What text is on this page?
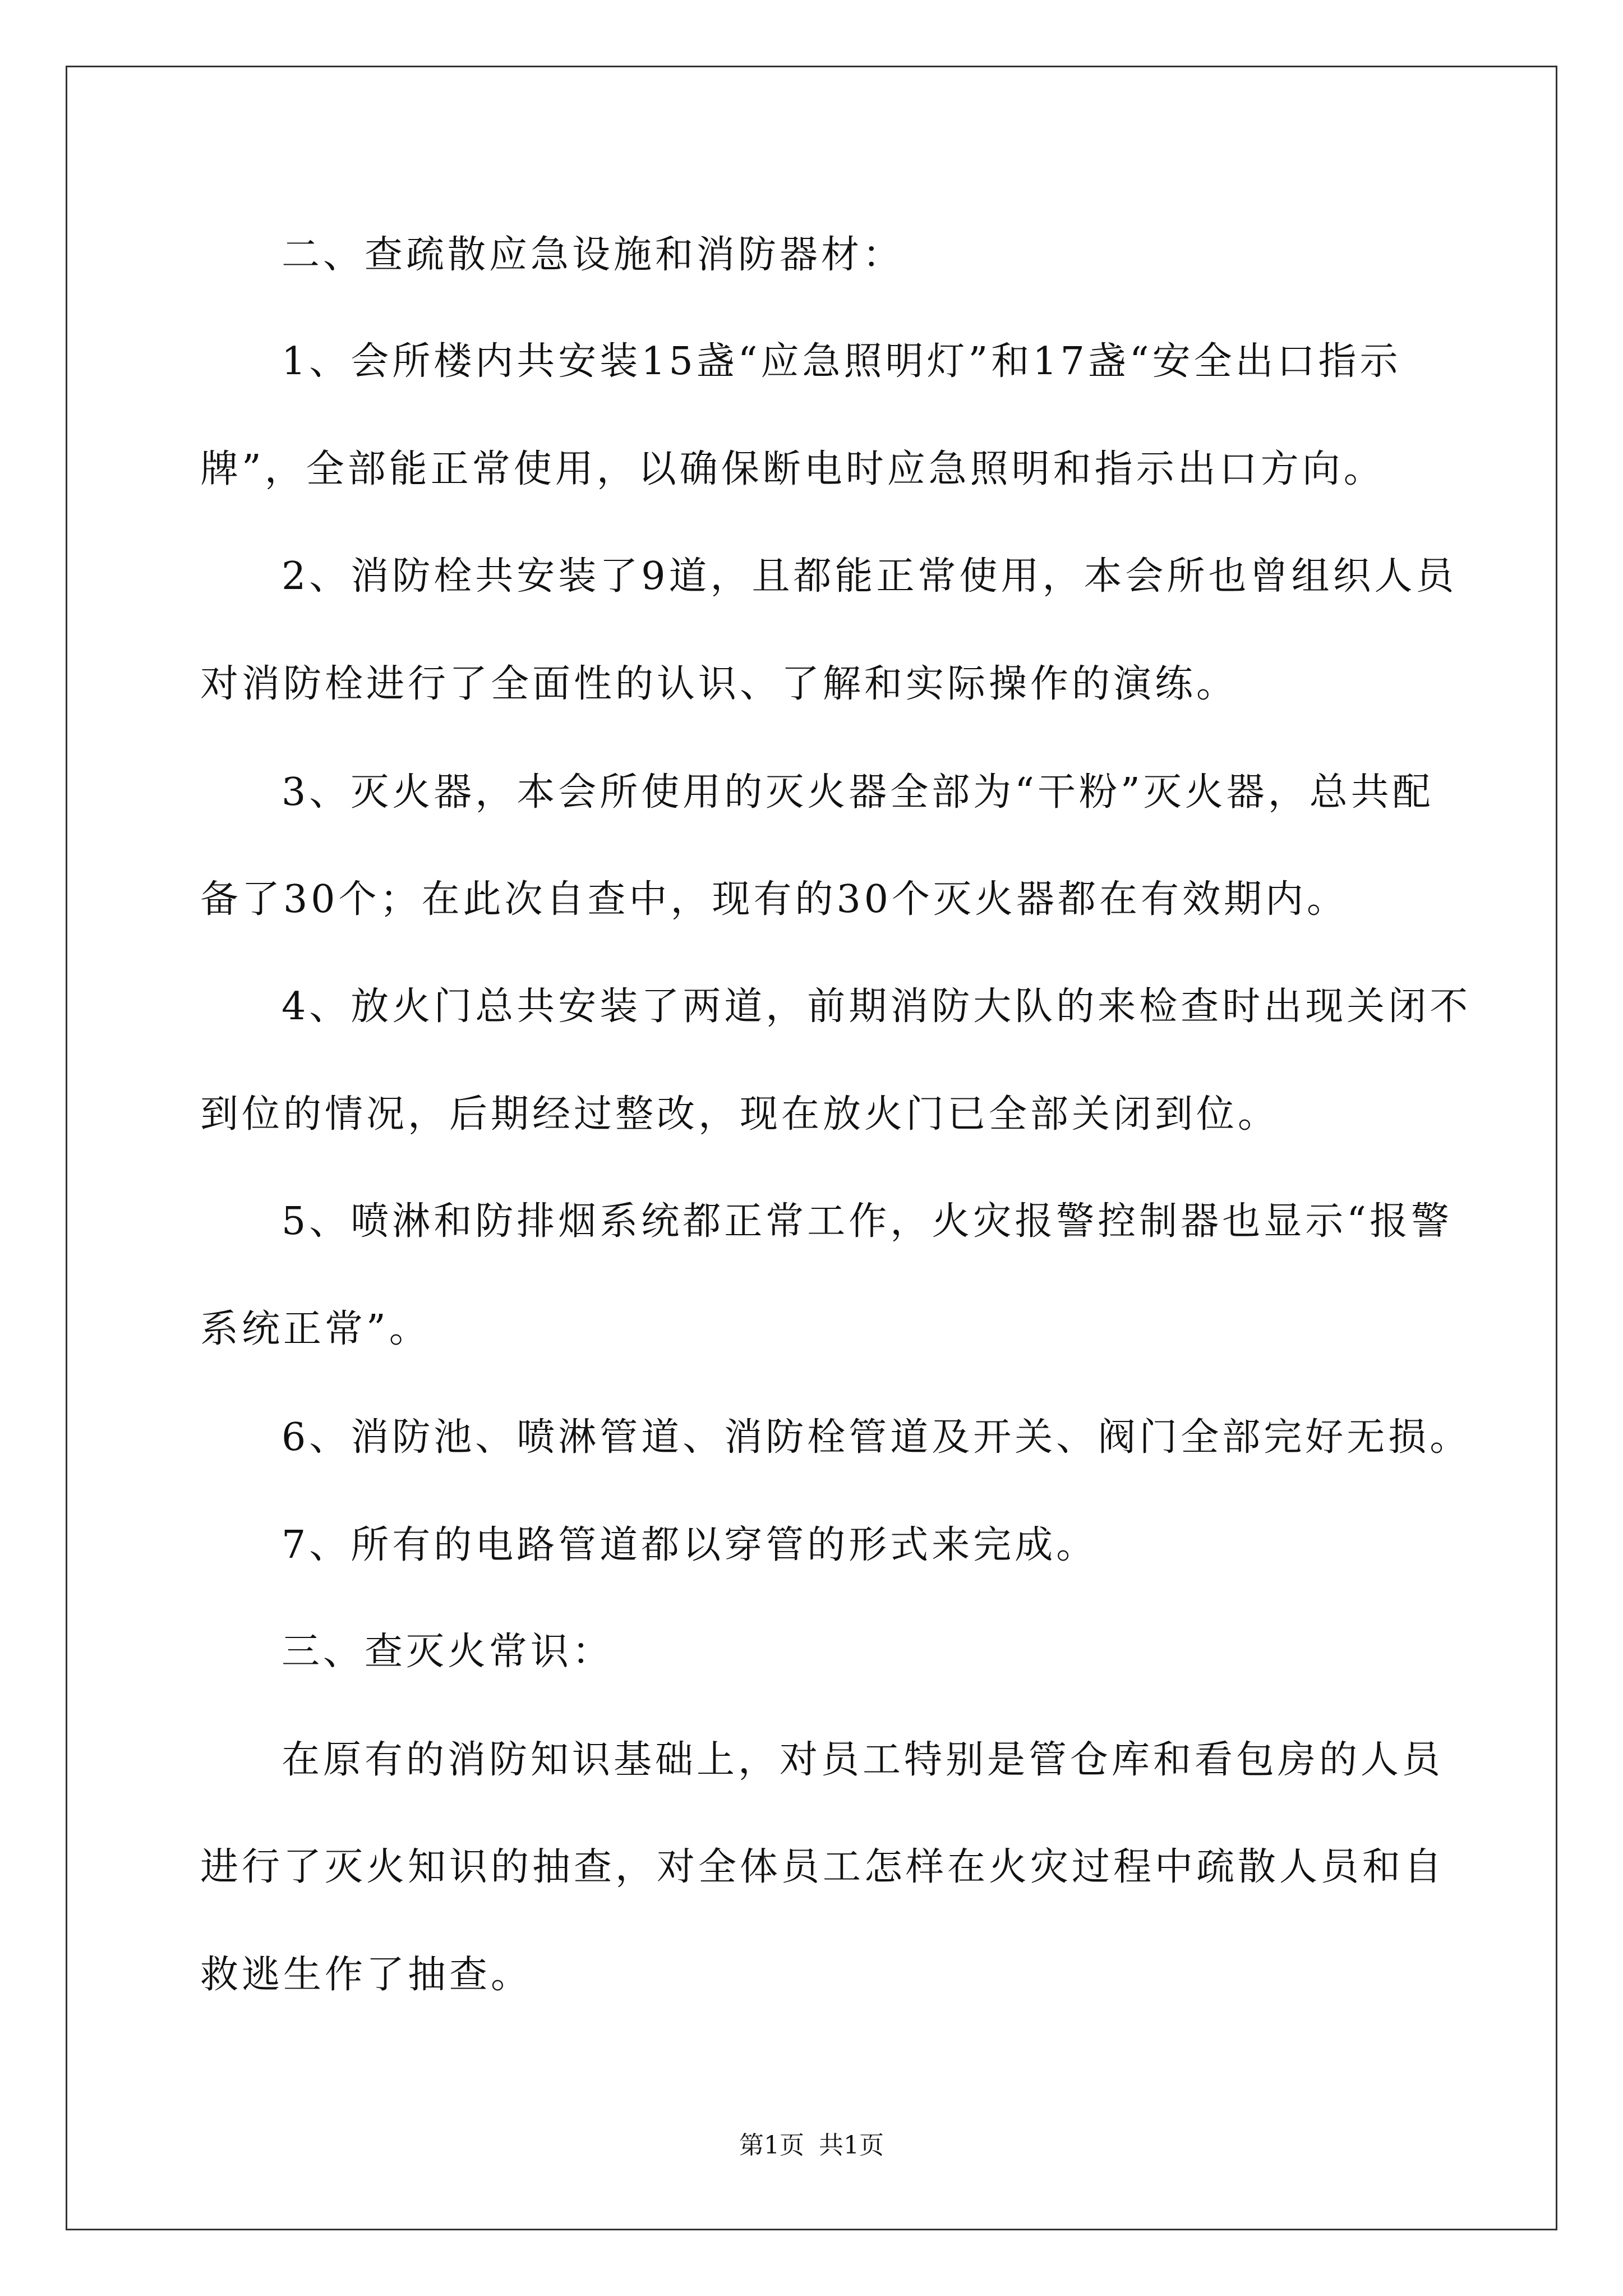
二、查疏散应急设施和消防器材：
1、会所楼内共安装15盏“应急照明灯”和17盏“安全出口指示
牌”，全部能正常使用，以确保断电时应急照明和指示出口方向。
2、消防栓共安装了9道，且都能正常使用，本会所也曾组织人员
对消防栓进行了全面性的认识、了解和实际操作的演练。
3、灭火器，本会所使用的灭火器全部为“干粉”灭火器，总共配
备了30个；在此次自查中，现有的30个灭火器都在有效期内。
4、放火门总共安装了两道，前期消防大队的来检查时出现关闭不
到位的情况，后期经过整改，现在放火门已全部关闭到位。
5、喷淋和防排烟系统都正常工作，火灾报警控制器也显示“报警
系统正常”。
6、消防池、喷淋管道、消防栓管道及开关、阀门全部完好无损。
7、所有的电路管道都以穿管的形式来完成。
三、查灭火常识：
在原有的消防知识基础上，对员工特别是管仓库和看包房的人员
进行了灭火知识的抽查，对全体员工怎样在火灾过程中疏散人员和自
救逃生作了抽查。
第1页 共1页
